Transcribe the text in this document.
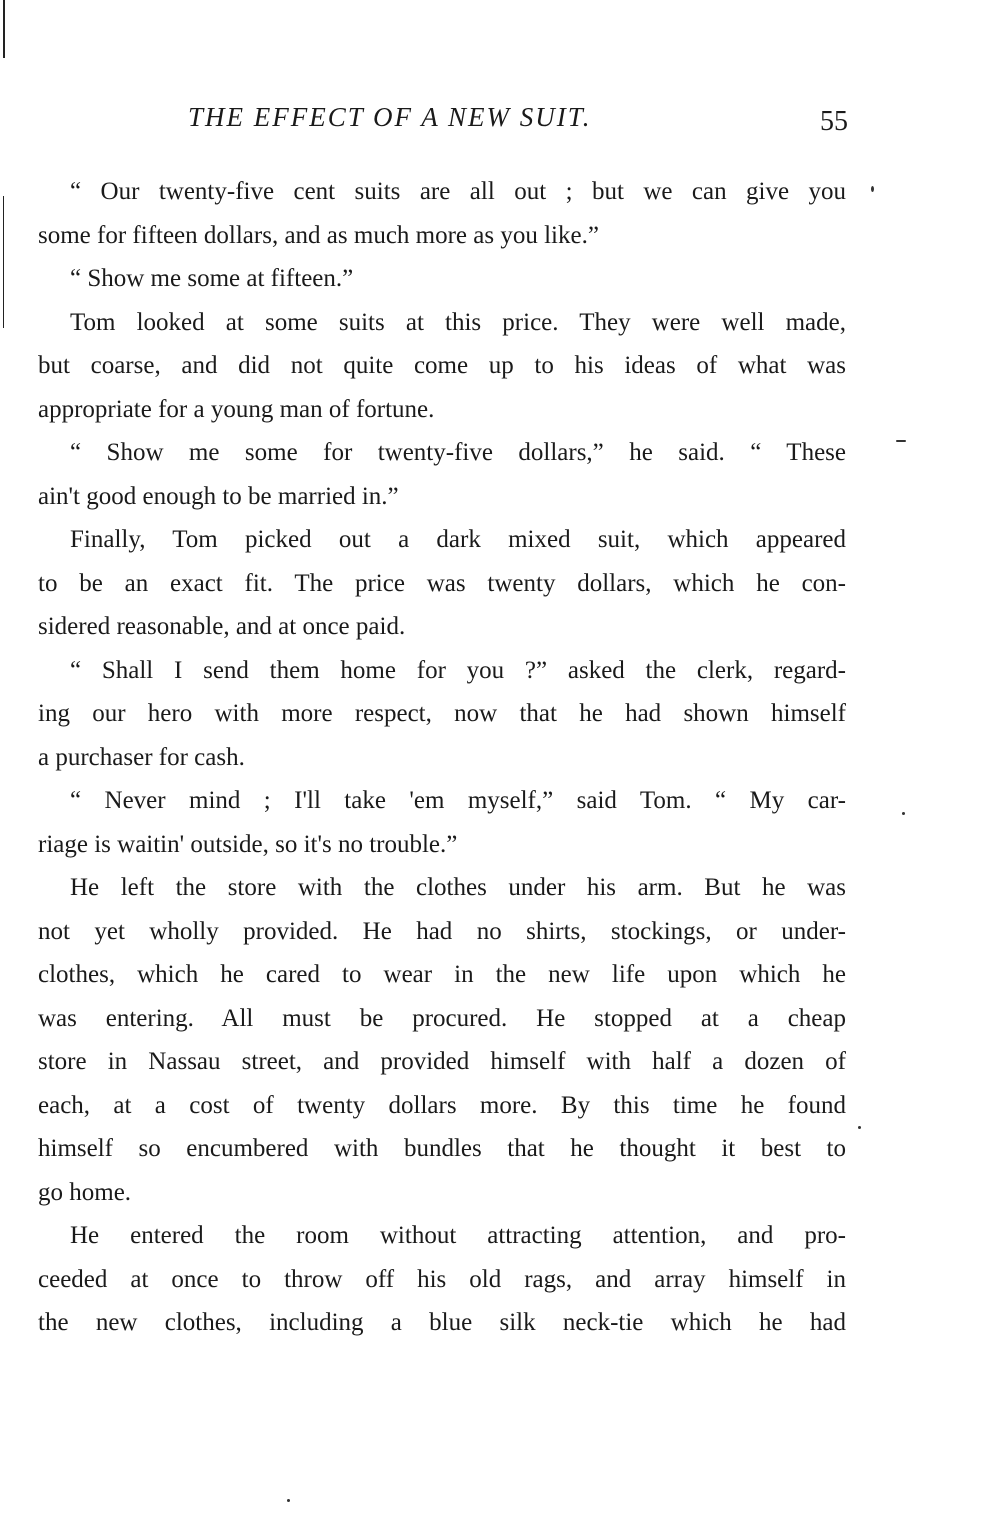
THE EFFECT OF A NEW SUIT.	55
“ Our twenty-five cent suits are all out ; but we can give you
some for fifteen dollars, and as much more as you like.”
“ Show me some at fifteen.”
Tom looked at some suits at this price. They were well made,
but coarse, and did not quite come up to his ideas of what was
appropriate for a young man of fortune.
“ Show me some for twenty-five dollars,” he said. “ These
ain't good enough to be married in.”
Finally, Tom picked out a dark mixed suit, which appeared
to be an exact fit. The price was twenty dollars, which he con-
sidered reasonable, and at once paid.
“ Shall I send them home for you ?” asked the clerk, regard-
ing our hero with more respect, now that he had shown himself
a purchaser for cash.
“ Never mind ; I'll take 'em myself,” said Tom. “ My car-
riage is waitin' outside, so it's no trouble.”
He left the store with the clothes under his arm. But he was
not yet wholly provided. He had no shirts, stockings, or under-
clothes, which he cared to wear in the new life upon which he
was entering. All must be procured. He stopped at a cheap
store in Nassau street, and provided himself with half a dozen of
each, at a cost of twenty dollars more. By this time he found
himself so encumbered with bundles that he thought it best to
go home.
He entered the room without attracting attention, and pro-
ceeded at once to throw off his old rags, and array himself in
the new clothes, including a blue silk neck-tie which he had
